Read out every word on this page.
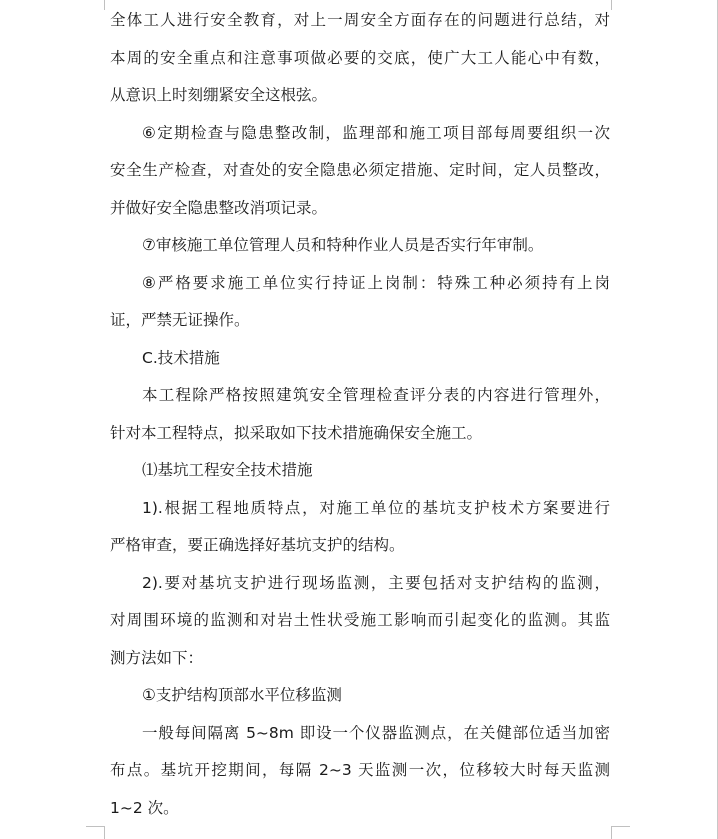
全体工人进行安全教育，对上一周安全方面存在的问题进行总结，对
本周的安全重点和注意事项做必要的交底，使广大工人能心中有数，
从意识上时刻绷紧安全这根弦。
⑥定期检查与隐患整改制，监理部和施工项目部每周要组织一次
安全生产检查，对查处的安全隐患必须定措施、定时间，定人员整改，
并做好安全隐患整改消项记录。
⑦审核施工单位管理人员和特种作业人员是否实行年审制。
⑧严格要求施工单位实行持证上岗制：特殊工种必须持有上岗
证，严禁无证操作。
C.技术措施
本工程除严格按照建筑安全管理检查评分表的内容进行管理外，
针对本工程特点，拟采取如下技术措施确保安全施工。
⑴基坑工程安全技术措施
1).根据工程地质特点，对施工单位的基坑支护枝术方案要进行
严格审查，要正确选择好基坑支护的结构。
2).要对基坑支护进行现场监测，主要包括对支护结构的监测，
对周围环境的监测和对岩土性状受施工影响而引起变化的监测。其监
测方法如下：
①支护结构顶部水平位移监测
一般每间隔离 5~8m 即设一个仪器监测点，在关健部位适当加密
布点。基坑开挖期间，每隔 2~3 天监测一次，位移较大时每天监测
1~2 次。
